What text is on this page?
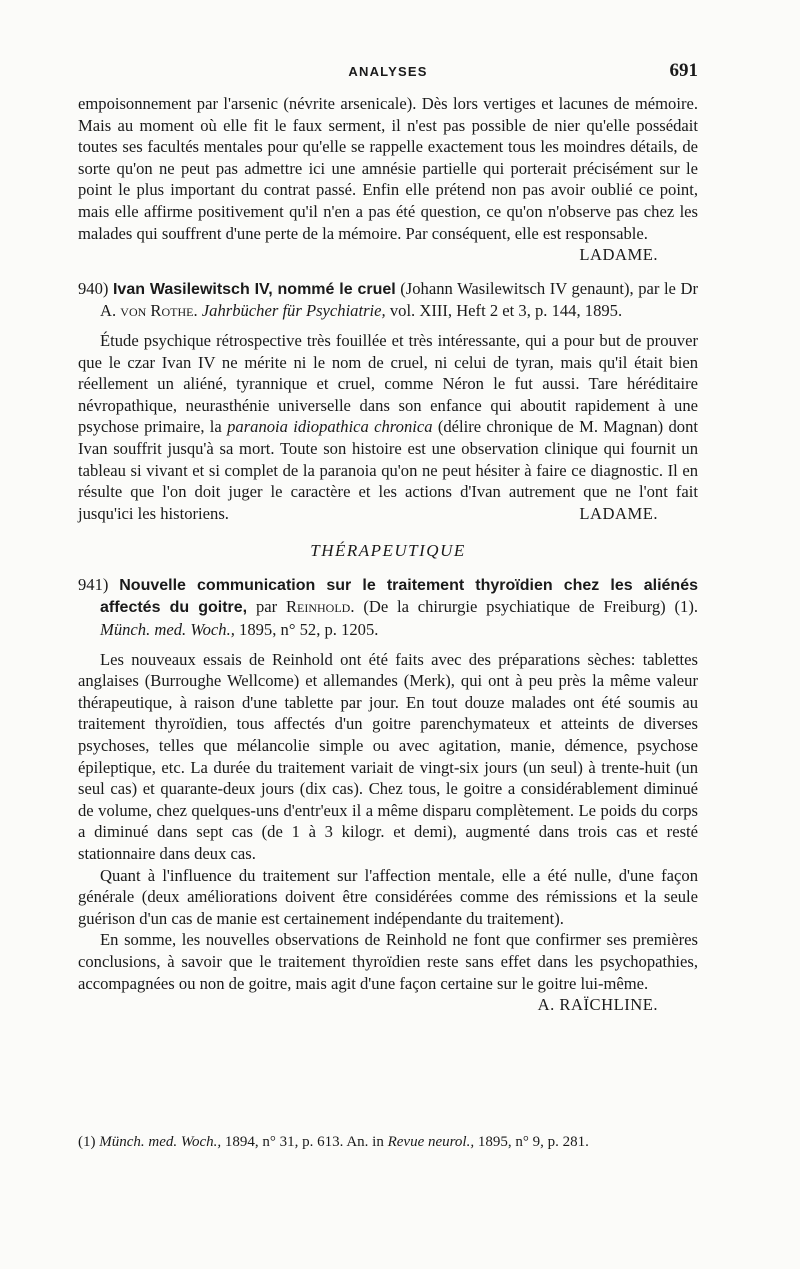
ANALYSES	691

empoisonnement par l'arsenic (névrite arsenicale). Dès lors vertiges et lacunes de mémoire. Mais au moment où elle fit le faux serment, il n'est pas possible de nier qu'elle possédait toutes ses facultés mentales pour qu'elle se rappelle exactement tous les moindres détails, de sorte qu'on ne peut pas admettre ici une amnésie partielle qui porterait précisément sur le point le plus important du contrat passé. Enfin elle prétend non pas avoir oublié ce point, mais elle affirme positivement qu'il n'en a pas été question, ce qu'on n'observe pas chez les malades qui souffrent d'une perte de la mémoire. Par conséquent, elle est responsable.
LADAME.

940) Ivan Wasilewitsch IV, nommé le cruel (Johann Wasilewitsch IV genaunt), par le Dr A. von Rothe. Jahrbücher für Psychiatrie, vol. XIII, Heft 2 et 3, p. 144, 1895.

Étude psychique rétrospective très fouillée et très intéressante, qui a pour but de prouver que le czar Ivan IV ne mérite ni le nom de cruel, ni celui de tyran, mais qu'il était bien réellement un aliéné, tyrannique et cruel, comme Néron le fut aussi. Tare héréditaire névropathique, neurasthénie universelle dans son enfance qui aboutit rapidement à une psychose primaire, la paranoia idiopathica chronica (délire chronique de M. Magnan) dont Ivan souffrit jusqu'à sa mort. Toute son histoire est une observation clinique qui fournit un tableau si vivant et si complet de la paranoia qu'on ne peut hésiter à faire ce diagnostic. Il en résulte que l'on doit juger le caractère et les actions d'Ivan autrement que ne l'ont fait jusqu'ici les historiens.	LADAME.

THÉRAPEUTIQUE

941) Nouvelle communication sur le traitement thyroïdien chez les aliénés affectés du goitre, par Reinhold. (De la chirurgie psychiatique de Freiburg) (1). Münch. med. Woch., 1895, n° 52, p. 1205.

Les nouveaux essais de Reinhold ont été faits avec des préparations sèches: tablettes anglaises (Burroughe Wellcome) et allemandes (Merk), qui ont à peu près la même valeur thérapeutique, à raison d'une tablette par jour. En tout douze malades ont été soumis au traitement thyroïdien, tous affectés d'un goitre parenchymateux et atteints de diverses psychoses, telles que mélancolie simple ou avec agitation, manie, démence, psychose épileptique, etc. La durée du traitement variait de vingt-six jours (un seul) à trente-huit (un seul cas) et quarante-deux jours (dix cas). Chez tous, le goitre a considérablement diminué de volume, chez quelques-uns d'entr'eux il a même disparu complètement. Le poids du corps a diminué dans sept cas (de 1 à 3 kilogr. et demi), augmenté dans trois cas et resté stationnaire dans deux cas.

Quant à l'influence du traitement sur l'affection mentale, elle a été nulle, d'une façon générale (deux améliorations doivent être considérées comme des rémissions et la seule guérison d'un cas de manie est certainement indépendante du traitement).

En somme, les nouvelles observations de Reinhold ne font que confirmer ses premières conclusions, à savoir que le traitement thyroïdien reste sans effet dans les psychopathies, accompagnées ou non de goitre, mais agit d'une façon certaine sur le goitre lui-même.
A. RAÏCHLINE.

(1) Münch. med. Woch., 1894, n° 31, p. 613. An. in Revue neurol., 1895, n° 9, p. 281.
